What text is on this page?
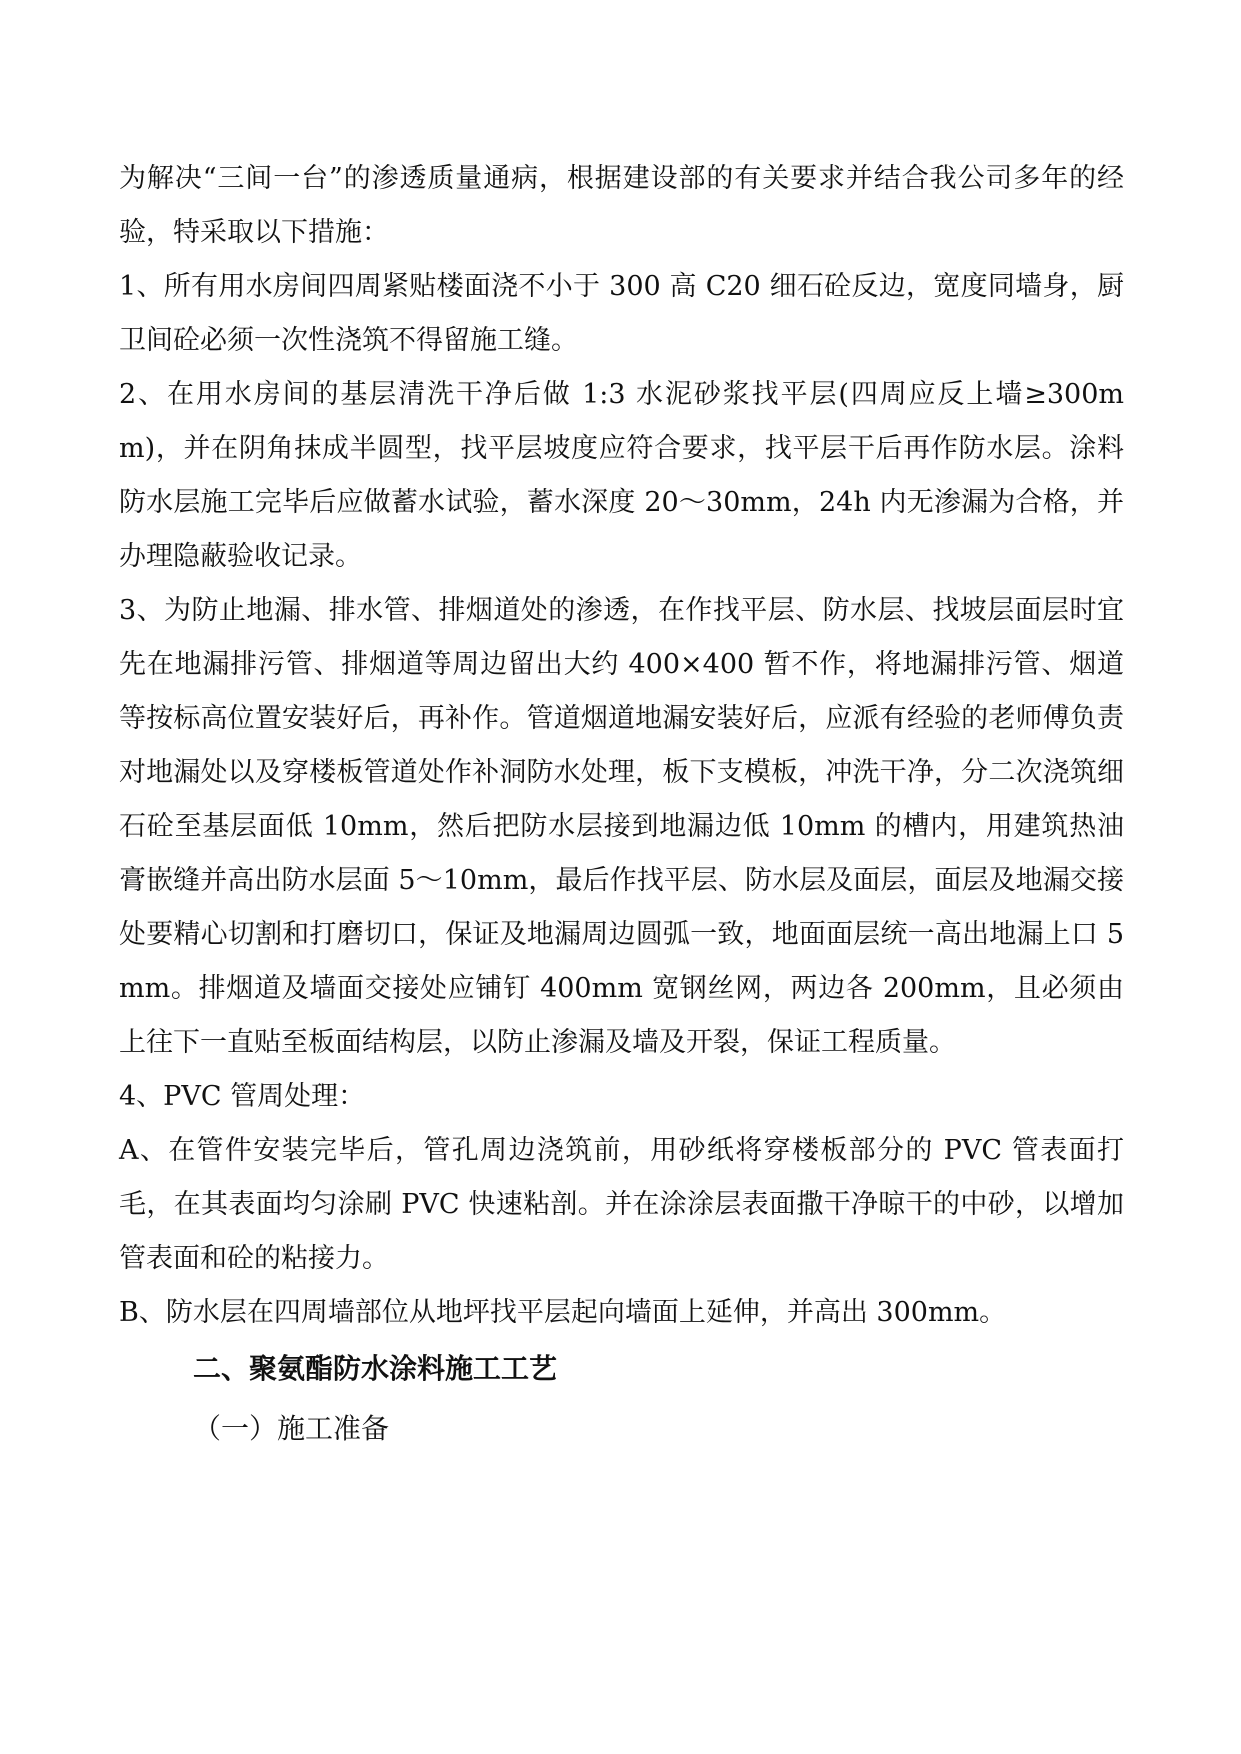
为解决“三间一台”的渗透质量通病，根据建设部的有关要求并结合我公司多年的经验，特采取以下措施：

1、所有用水房间四周紧贴楼面浇不小于 300 高 C20 细石砼反边，宽度同墙身，厨卫间砼必须一次性浇筑不得留施工缝。

2、在用水房间的基层清洗干净后做 1:3 水泥砂浆找平层(四周应反上墙≥300mm)，并在阴角抹成半圆型，找平层坡度应符合要求，找平层干后再作防水层。涂料防水层施工完毕后应做蓄水试验，蓄水深度 20～30mm，24h 内无渗漏为合格，并办理隐蔽验收记录。

3、为防止地漏、排水管、排烟道处的渗透，在作找平层、防水层、找坡层面层时宜先在地漏排污管、排烟道等周边留出大约 400×400 暂不作，将地漏排污管、烟道等按标高位置安装好后，再补作。管道烟道地漏安装好后，应派有经验的老师傅负责对地漏处以及穿楼板管道处作补洞防水处理，板下支模板，冲洗干净，分二次浇筑细石砼至基层面低 10mm，然后把防水层接到地漏边低 10mm 的槽内，用建筑热油膏嵌缝并高出防水层面 5～10mm，最后作找平层、防水层及面层，面层及地漏交接处要精心切割和打磨切口，保证及地漏周边圆弧一致，地面面层统一高出地漏上口 5mm。排烟道及墙面交接处应铺钉 400mm 宽钢丝网，两边各 200mm，且必须由上往下一直贴至板面结构层，以防止渗漏及墙及开裂，保证工程质量。

4、PVC 管周处理：

A、在管件安装完毕后，管孔周边浇筑前，用砂纸将穿楼板部分的 PVC 管表面打毛，在其表面均匀涂刷 PVC 快速粘剖。并在涂涂层表面撒干净晾干的中砂，以增加管表面和砼的粘接力。

B、防水层在四周墙部位从地坪找平层起向墙面上延伸，并高出 300mm。

二、聚氨酯防水涂料施工工艺

（一）施工准备
